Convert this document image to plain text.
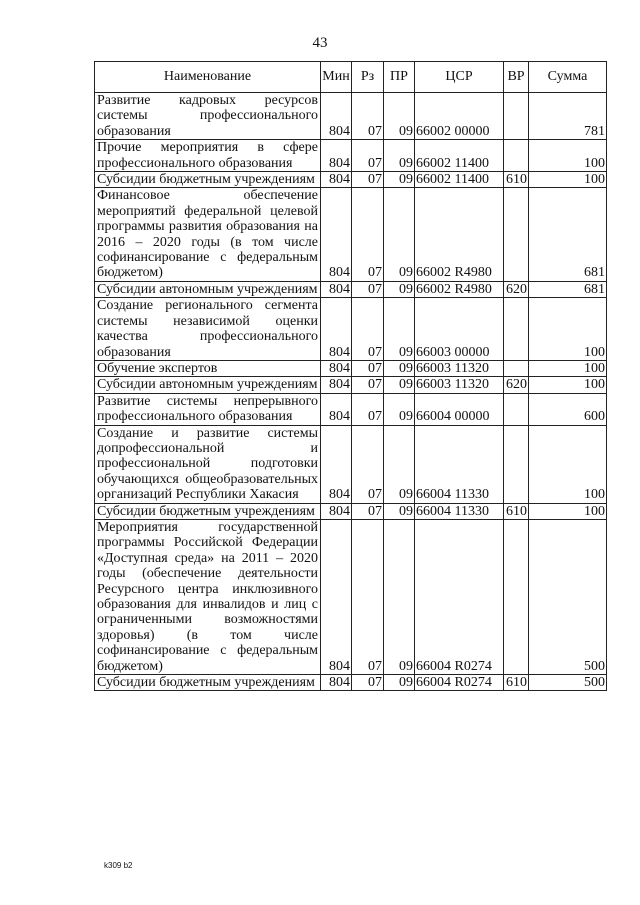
43
Наименование	Мин	Рз	ПР	ЦСР	ВР	Сумма
Развитие кадровых ресурсов системы профессионального образования	804	07	09	66002 00000		781
Прочие мероприятия в сфере профессионального образования	804	07	09	66002 11400		100
Субсидии бюджетным учреждениям	804	07	09	66002 11400	610	100
Финансовое обеспечение мероприятий федеральной целевой программы развития образования на 2016 – 2020 годы (в том числе софинансирование с федеральным бюджетом)	804	07	09	66002 R4980		681
Субсидии автономным учреждениям	804	07	09	66002 R4980	620	681
Создание регионального сегмента системы независимой оценки качества профессионального образования	804	07	09	66003 00000		100
Обучение экспертов	804	07	09	66003 11320		100
Субсидии автономным учреждениям	804	07	09	66003 11320	620	100
Развитие системы непрерывного профессионального образования	804	07	09	66004 00000		600
Создание и развитие системы допрофессиональной и профессиональной подготовки обучающихся общеобразовательных организаций Республики Хакасия	804	07	09	66004 11330		100
Субсидии бюджетным учреждениям	804	07	09	66004 11330	610	100
Мероприятия государственной программы Российской Федерации «Доступная среда» на 2011 – 2020 годы (обеспечение деятельности Ресурсного центра инклюзивного образования для инвалидов и лиц с ограниченными возможностями здоровья) (в том числе софинансирование с федеральным бюджетом)	804	07	09	66004 R0274		500
Субсидии бюджетным учреждениям	804	07	09	66004 R0274	610	500
k309 b2
